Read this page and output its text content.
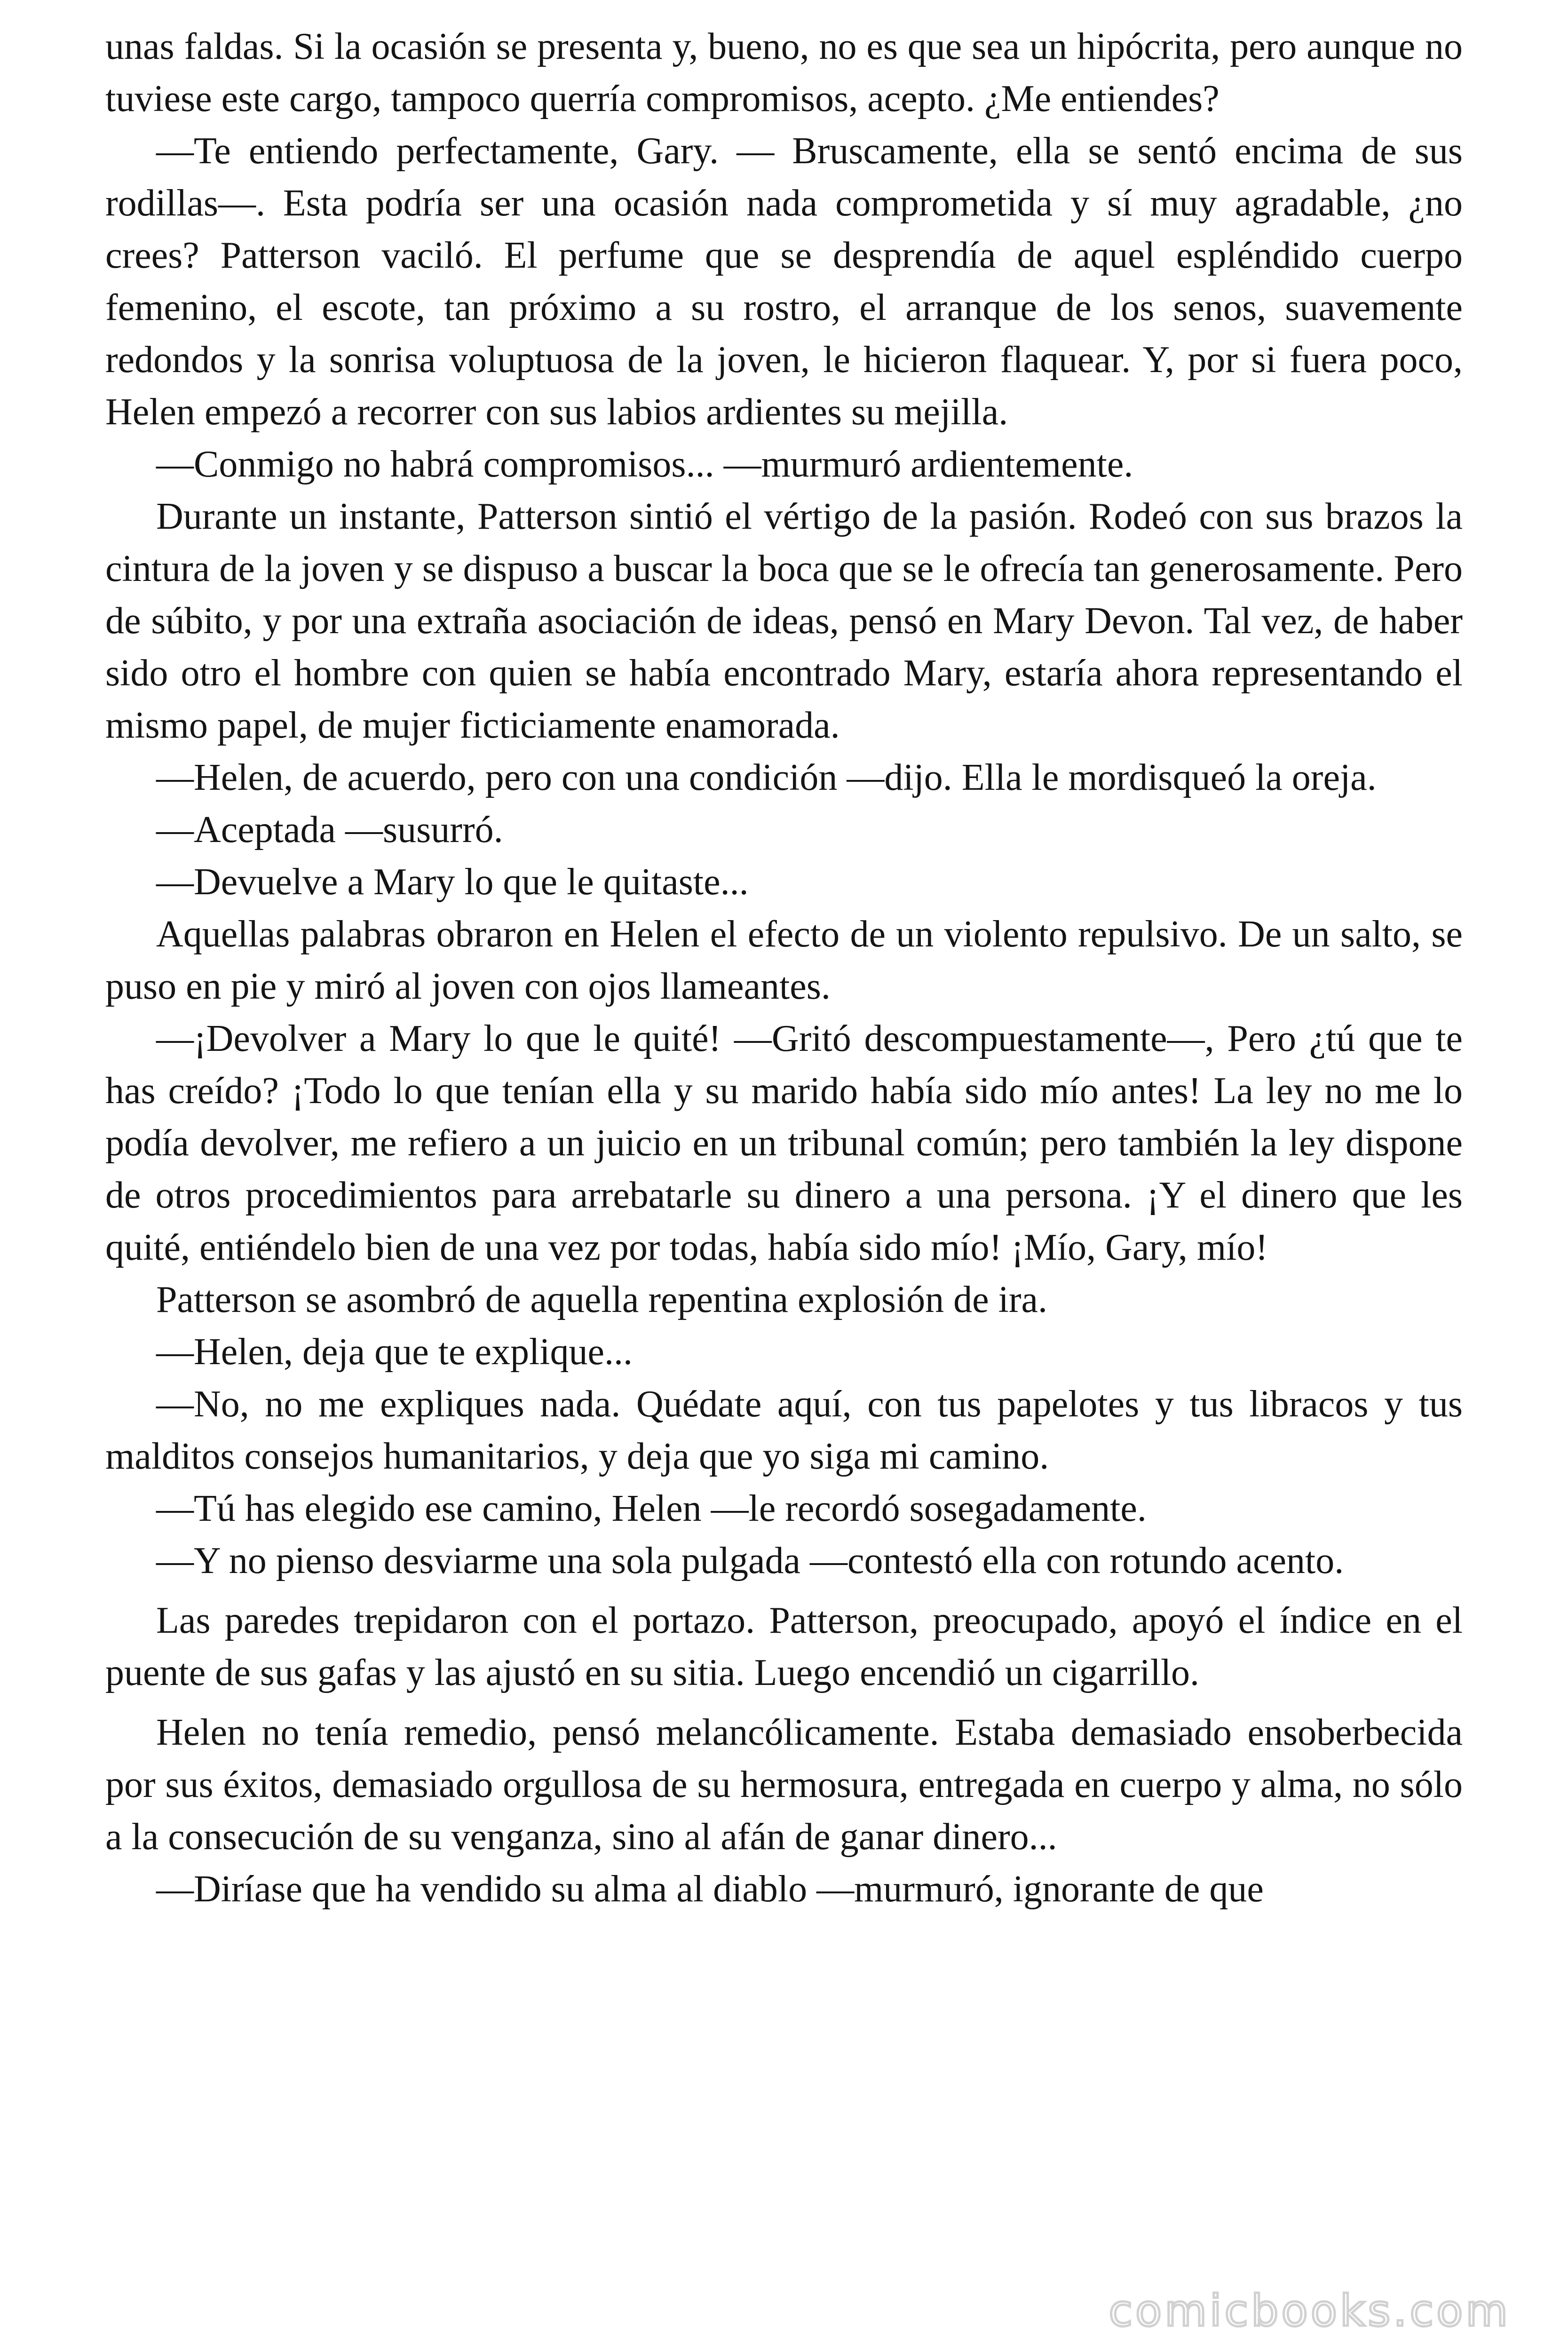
unas faldas. Si la ocasión se presenta y, bueno, no es que sea un hipócrita, pero aunque no tuviese este cargo, tampoco querría compromisos, acepto. ¿Me entiendes?

—Te entiendo perfectamente, Gary. — Bruscamente, ella se sentó encima de sus rodillas—. Esta podría ser una ocasión nada comprometida y sí muy agradable, ¿no crees? Patterson vaciló. El perfume que se desprendía de aquel espléndido cuerpo femenino, el escote, tan próximo a su rostro, el arranque de los senos, suavemente redondos y la sonrisa voluptuosa de la joven, le hicieron flaquear. Y, por si fuera poco, Helen empezó a recorrer con sus labios ardientes su mejilla.

—Conmigo no habrá compromisos... —murmuró ardientemente.

Durante un instante, Patterson sintió el vértigo de la pasión. Rodeó con sus brazos la cintura de la joven y se dispuso a buscar la boca que se le ofrecía tan generosamente. Pero de súbito, y por una extraña asociación de ideas, pensó en Mary Devon. Tal vez, de haber sido otro el hombre con quien se había encontrado Mary, estaría ahora representando el mismo papel, de mujer ficticiamente enamorada.

—Helen, de acuerdo, pero con una condición —dijo. Ella le mordisqueó la oreja.

—Aceptada —susurró.

—Devuelve a Mary lo que le quitaste...

Aquellas palabras obraron en Helen el efecto de un violento repulsivo. De un salto, se puso en pie y miró al joven con ojos llameantes.

—¡Devolver a Mary lo que le quité! —Gritó descompuestamente—, Pero ¿tú que te has creído? ¡Todo lo que tenían ella y su marido había sido mío antes! La ley no me lo podía devolver, me refiero a un juicio en un tribunal común; pero también la ley dispone de otros procedimientos para arrebatarle su dinero a una persona. ¡Y el dinero que les quité, entiéndelo bien de una vez por todas, había sido mío! ¡Mío, Gary, mío!

Patterson se asombró de aquella repentina explosión de ira.

—Helen, deja que te explique...

—No, no me expliques nada. Quédate aquí, con tus papelotes y tus libracos y tus malditos consejos humanitarios, y deja que yo siga mi camino.

—Tú has elegido ese camino, Helen —le recordó sosegadamente.

—Y no pienso desviarme una sola pulgada —contestó ella con rotundo acento.

Las paredes trepidaron con el portazo. Patterson, preocupado, apoyó el índice en el puente de sus gafas y las ajustó en su sitia. Luego encendió un cigarrillo.

Helen no tenía remedio, pensó melancólicamente. Estaba demasiado ensoberbecida por sus éxitos, demasiado orgullosa de su hermosura, entregada en cuerpo y alma, no sólo a la consecución de su venganza, sino al afán de ganar dinero...

—Diríase que ha vendido su alma al diablo —murmuró, ignorante de que

comicbooks.com
